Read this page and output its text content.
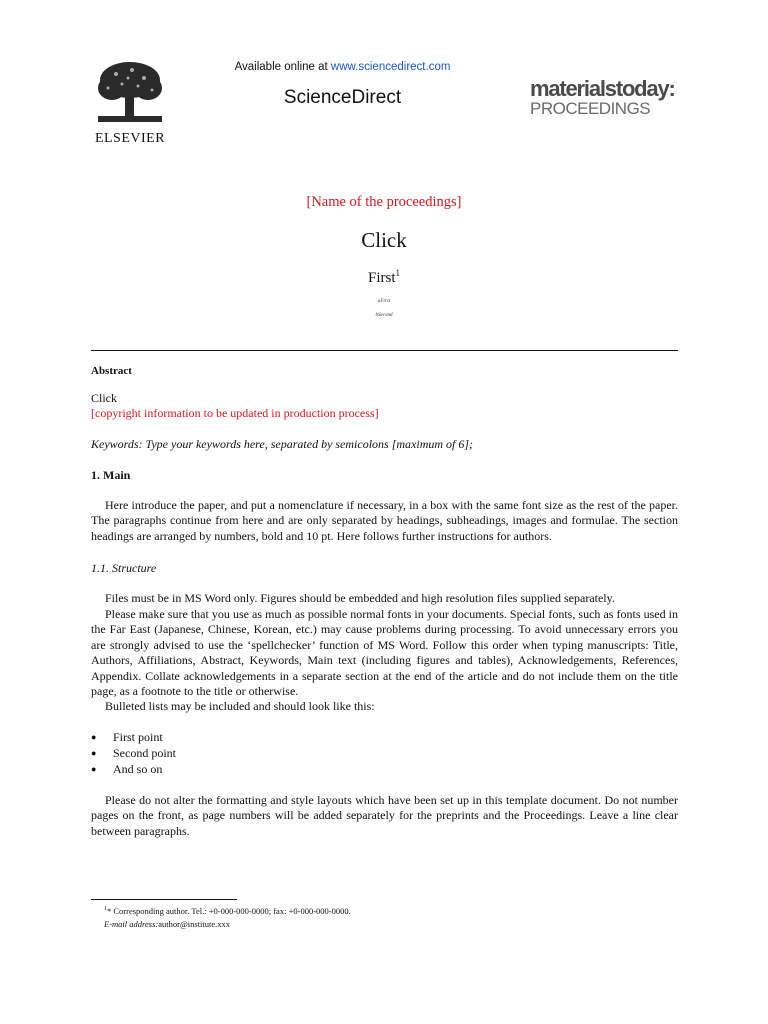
ELSEVIER
Available online at www.sciencedirect.com
ScienceDirect	materialstoday:
PROCEEDINGS
[Name of the proceedings]
Click
First$^1$
aFirst
bSecond
Abstract
Click
[copyright information to be updated in production process]
Keywords: Type your keywords here, separated by semicolons [maximum of 6];
1. Main
Here introduce the paper, and put a nomenclature if necessary, in a box with the same font size as the rest of the paper. The paragraphs continue from here and are only separated by headings, subheadings, images and formulae. The section headings are arranged by numbers, bold and 10 pt. Here follows further instructions for authors.
1.1. Structure
Files must be in MS Word only. Figures should be embedded and high resolution files supplied separately.
Please make sure that you use as much as possible normal fonts in your documents. Special fonts, such as fonts used in the Far East (Japanese, Chinese, Korean, etc.) may cause problems during processing. To avoid unnecessary errors you are strongly advised to use the ‘spellchecker’ function of MS Word. Follow this order when typing manuscripts: Title, Authors, Affiliations, Abstract, Keywords, Main text (including figures and tables), Acknowledgements, References, Appendix. Collate acknowledgements in a separate section at the end of the article and do not include them on the title page, as a footnote to the title or otherwise.
Bulleted lists may be included and should look like this:
●	First point
●	Second point
●	And so on
Please do not alter the formatting and style layouts which have been set up in this template document. Do not number pages on the front, as page numbers will be added separately for the preprints and the Proceedings. Leave a line clear between paragraphs.
$^1$* Corresponding author. Tel.: +0-000-000-0000; fax: +0-000-000-0000.
E-mail address:author@institute.xxx
